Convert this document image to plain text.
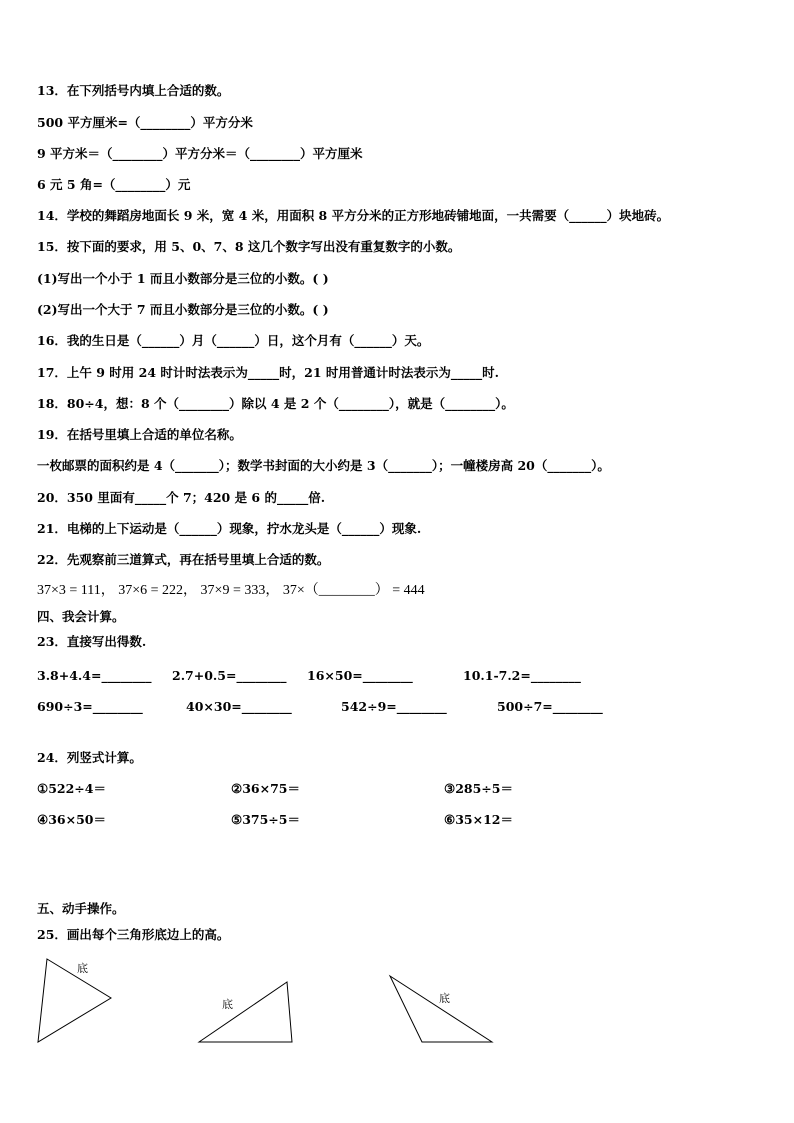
13．在下列括号内填上合适的数。
500 平方厘米=（________）平方分米
9 平方米＝（________）平方分米＝（________）平方厘米
6 元 5 角=（________）元
14．学校的舞蹈房地面长 9 米，宽 4 米，用面积 8 平方分米的正方形地砖铺地面，一共需要（______）块地砖。
15．按下面的要求，用 5、0、7、8 这几个数字写出没有重复数字的小数。
(1)写出一个小于 1 而且小数部分是三位的小数。( )
(2)写出一个大于 7 而且小数部分是三位的小数。( )
16．我的生日是（______）月（______）日，这个月有（______）天。
17．上午 9 时用 24 时计时法表示为_____时，21 时用普通计时法表示为_____时.
18．80÷4，想：8 个（________）除以 4 是 2 个（________），就是（________）。
19．在括号里填上合适的单位名称。
一枚邮票的面积约是 4（_______）；数学书封面的大小约是 3（_______）；一幢楼房高 20（_______）。
20．350 里面有_____个 7；420 是 6 的_____倍.
21．电梯的上下运动是（______）现象，拧水龙头是（______）现象.
22．先观察前三道算式，再在括号里填上合适的数。
37×3 = 111， 37×6 = 222， 37×9 = 333， 37×（________） = 444
四、我会计算。
23．直接写出得数.
3.8+4.4=________ 2.7+0.5=________ 16×50=________	10.1-7.2=________
690÷3=________	40×30=________	542÷9=________	500÷7=________
24．列竖式计算。
①522÷4＝	②36×75＝	③285÷5＝
④36×50＝	⑤375÷5＝	⑥35×12＝
五、动手操作。
25．画出每个三角形底边上的高。
底
底	底
